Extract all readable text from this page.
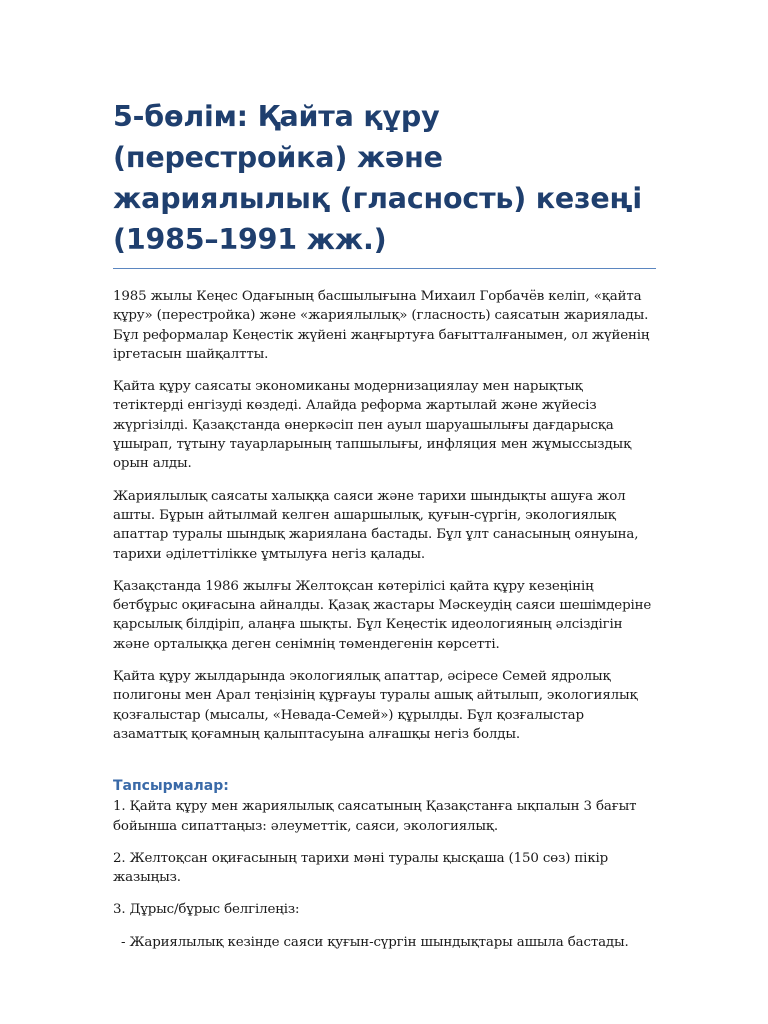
5-бөлім: Қайта құру (перестройка) және жариялылық (гласность) кезеңі (1985–1991 жж.)

1985 жылы Кеңес Одағының басшылығына Михаил Горбачёв келіп, «қайта құру» (перестройка) және «жариялылық» (гласность) саясатын жариялады. Бұл реформалар Кеңестік жүйені жаңғыртуға бағытталғанымен, ол жүйенің іргетасын шайқалтты.

Қайта құру саясаты экономиканы модернизациялау мен нарықтық тетіктерді енгізуді көздеді. Алайда реформа жартылай және жүйесіз жүргізілді. Қазақстанда өнеркәсіп пен ауыл шаруашылығы дағдарысқа ұшырап, тұтыну тауарларының тапшылығы, инфляция мен жұмыссыздық орын алды.

Жариялылық саясаты халыққа саяси және тарихи шындықты ашуға жол ашты. Бұрын айтылмай келген ашаршылық, қуғын-сүргін, экологиялық апаттар туралы шындық жариялана бастады. Бұл ұлт санасының оянуына, тарихи әділеттілікке ұмтылуға негіз қалады.

Қазақстанда 1986 жылғы Желтоқсан көтерілісі қайта құру кезеңінің бетбұрыс оқиғасына айналды. Қазақ жастары Мәскеудің саяси шешімдеріне қарсылық білдіріп, алаңға шықты. Бұл Кеңестік идеологияның әлсіздігін және орталыққа деген сенімнің төмендегенін көрсетті.

Қайта құру жылдарында экологиялық апаттар, әсіресе Семей ядролық полигоны мен Арал теңізінің құрғауы туралы ашық айтылып, экологиялық қозғалыстар (мысалы, «Невада-Семей») құрылды. Бұл қозғалыстар азаматтық қоғамның қалыптасуына алғашқы негіз болды.

Тапсырмалар:

1. Қайта құру мен жариялылық саясатының Қазақстанға ықпалын 3 бағыт бойынша сипаттаңыз: әлеуметтік, саяси, экологиялық.

2. Желтоқсан оқиғасының тарихи мәні туралы қысқаша (150 сөз) пікір жазыңыз.

3. Дұрыс/бұрыс белгілеңіз:

- Жариялылық кезінде саяси қуғын-сүргін шындықтары ашыла бастады.
